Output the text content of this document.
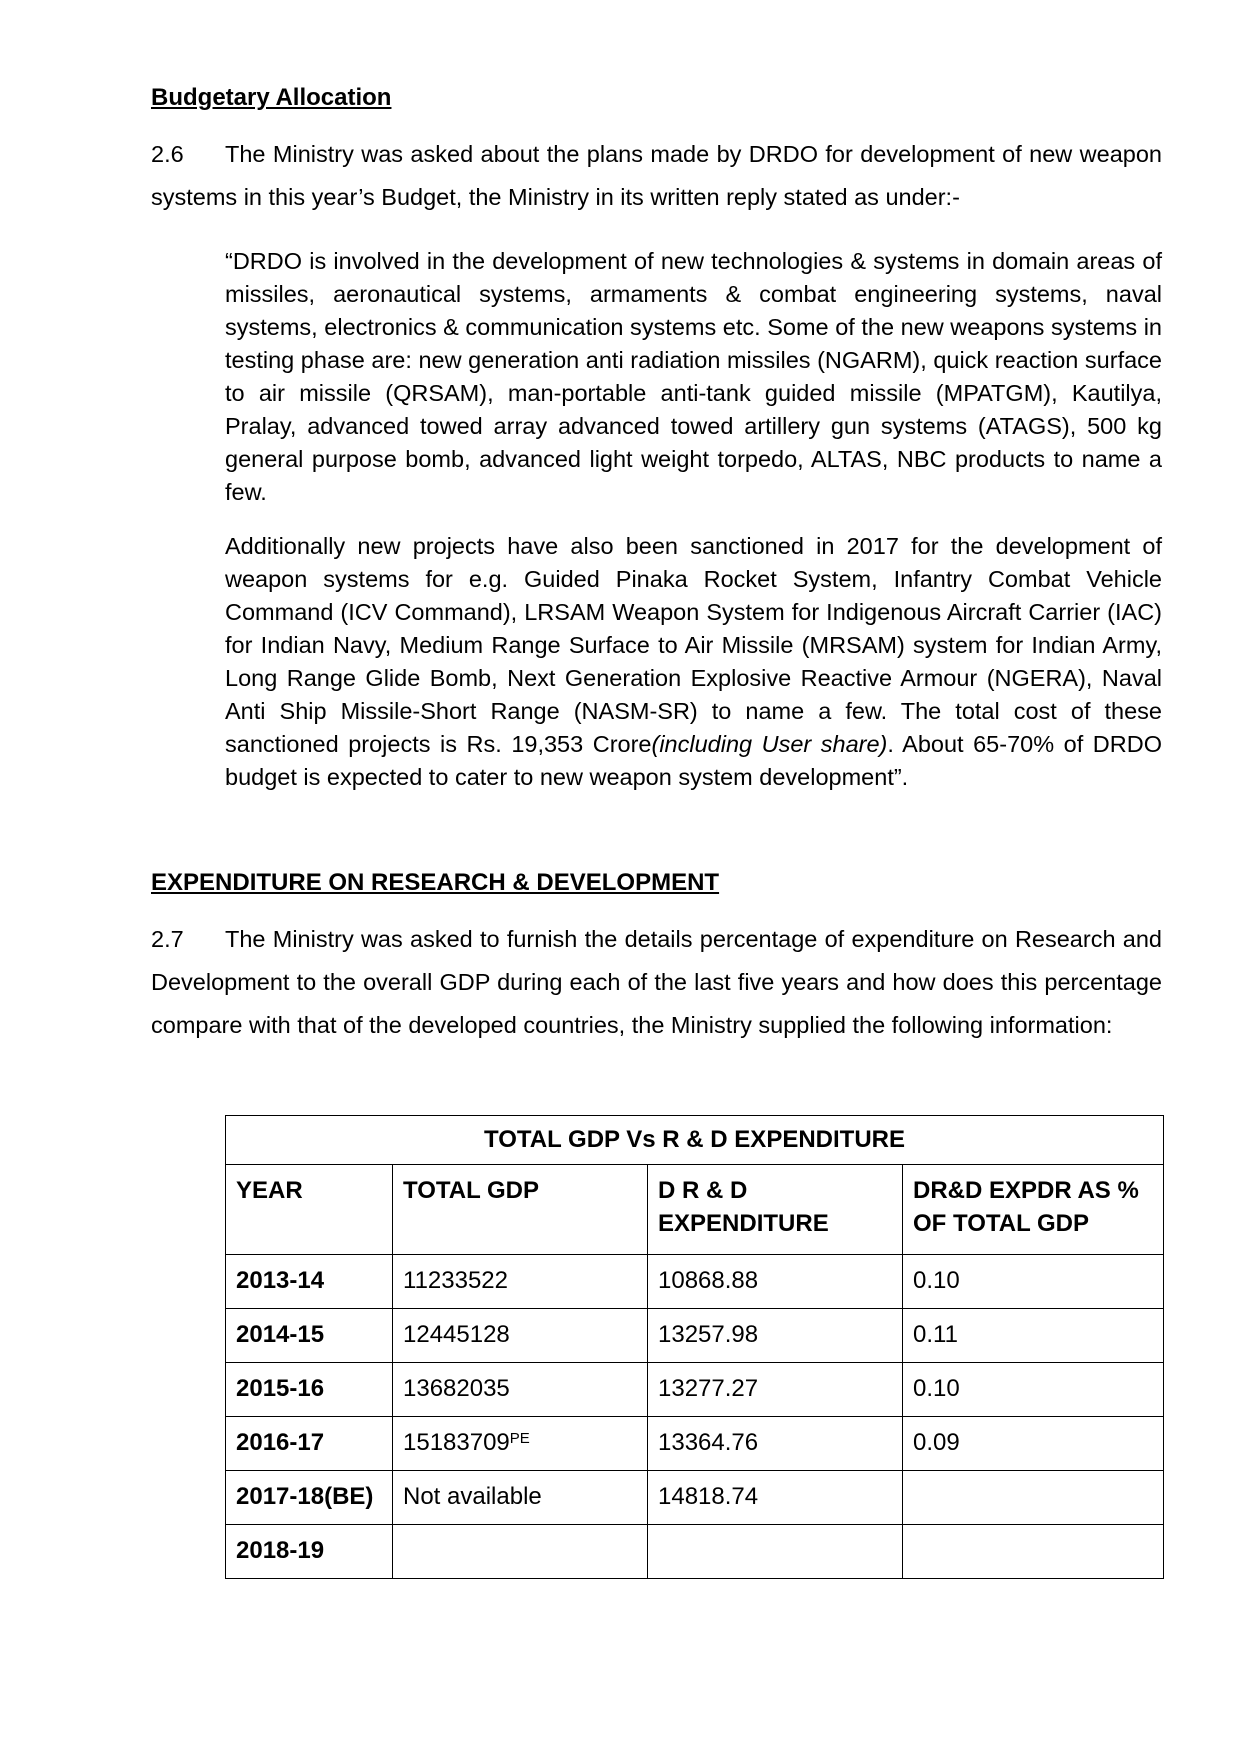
Budgetary Allocation

2.6 The Ministry was asked about the plans made by DRDO for development of new weapon systems in this year’s Budget, the Ministry in its written reply stated as under:-

“DRDO is involved in the development of new technologies & systems in domain areas of missiles, aeronautical systems, armaments & combat engineering systems, naval systems, electronics & communication systems etc. Some of the new weapons systems in testing phase are: new generation anti radiation missiles (NGARM), quick reaction surface to air missile (QRSAM), man-portable anti-tank guided missile (MPATGM), Kautilya, Pralay, advanced towed array advanced towed artillery gun systems (ATAGS), 500 kg general purpose bomb, advanced light weight torpedo, ALTAS, NBC products to name a few.

Additionally new projects have also been sanctioned in 2017 for the development of weapon systems for e.g. Guided Pinaka Rocket System, Infantry Combat Vehicle Command (ICV Command), LRSAM Weapon System for Indigenous Aircraft Carrier (IAC) for Indian Navy, Medium Range Surface to Air Missile (MRSAM) system for Indian Army, Long Range Glide Bomb, Next Generation Explosive Reactive Armour (NGERA), Naval Anti Ship Missile-Short Range (NASM-SR) to name a few. The total cost of these sanctioned projects is Rs. 19,353 Crore(including User share). About 65-70% of DRDO budget is expected to cater to new weapon system development”.

EXPENDITURE ON RESEARCH & DEVELOPMENT

2.7 The Ministry was asked to furnish the details percentage of expenditure on Research and Development to the overall GDP during each of the last five years and how does this percentage compare with that of the developed countries, the Ministry supplied the following information:

TOTAL GDP Vs R & D EXPENDITURE			
YEAR	TOTAL GDP	D R & D EXPENDITURE	DR&D EXPDR AS % OF TOTAL GDP
2013-14	11233522	10868.88	0.10
2014-15	12445128	13257.98	0.11
2015-16	13682035	13277.27	0.10
2016-17	$15183709^{PE}$	13364.76	0.09
2017-18(BE)	Not available	14818.74	
2018-19			
